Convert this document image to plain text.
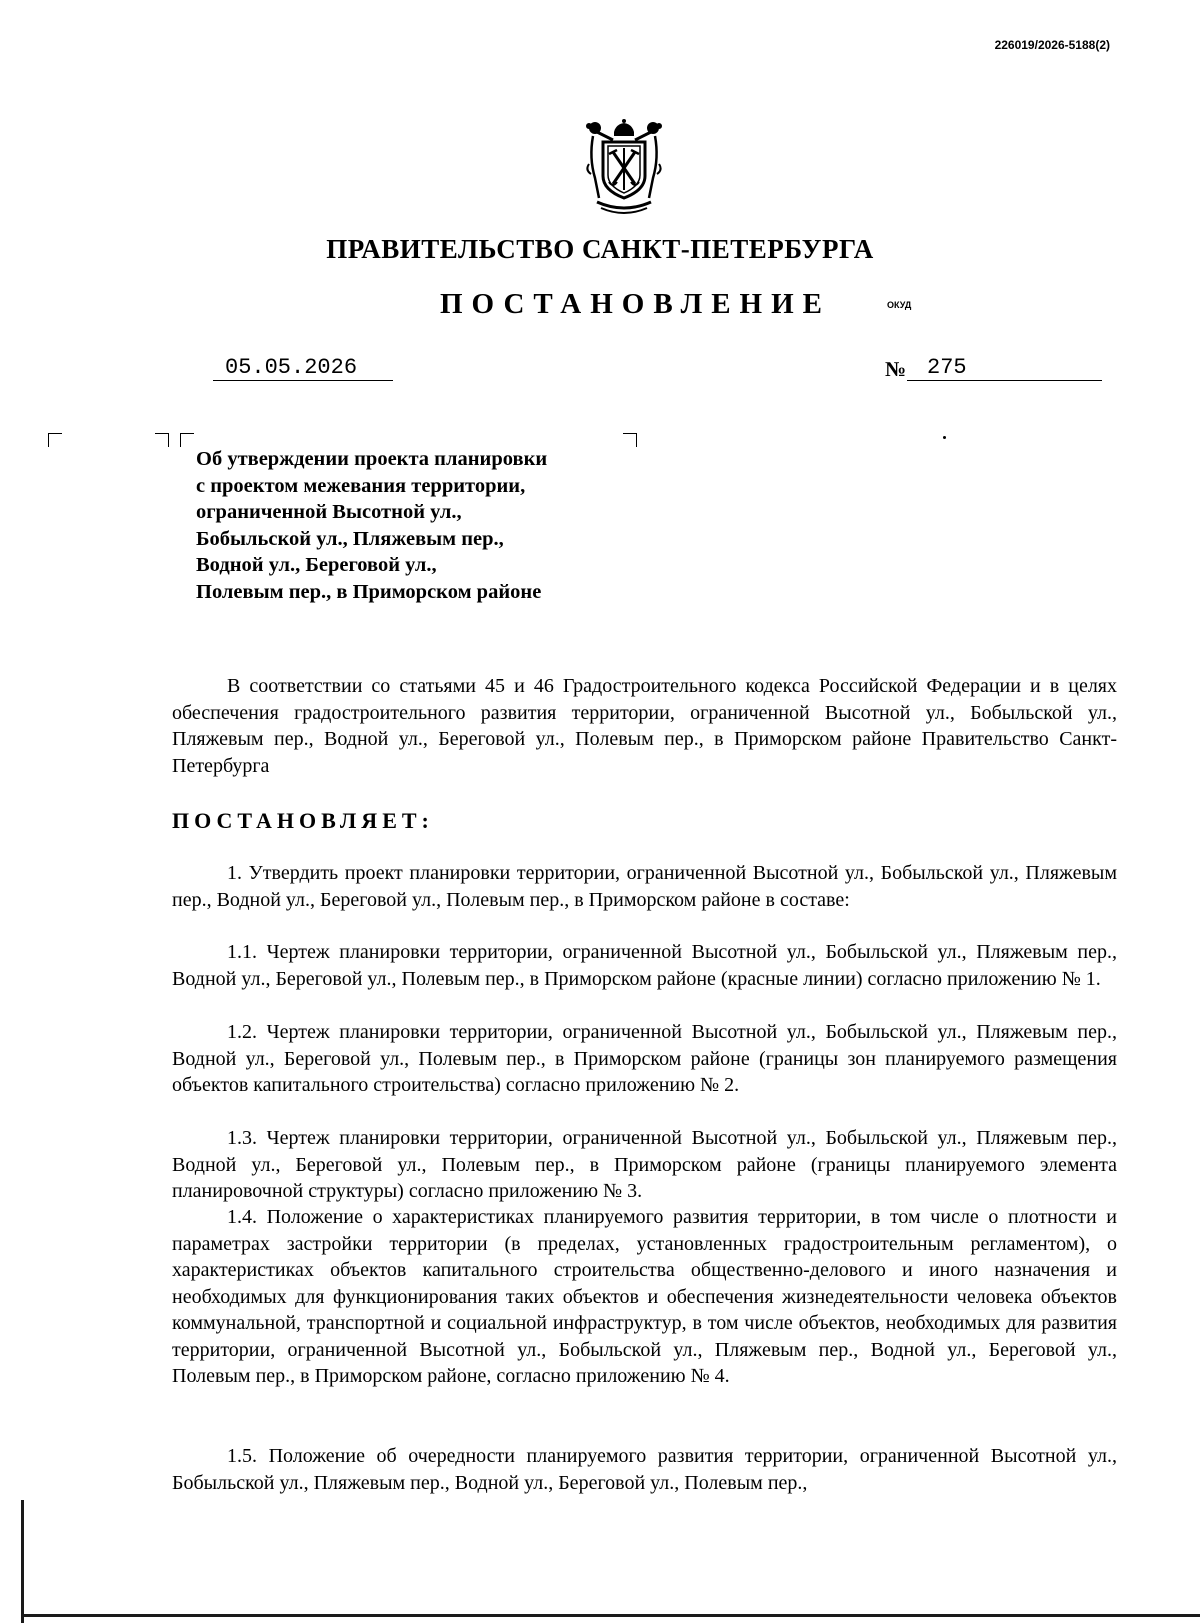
226019/2026-5188(2)
ПРАВИТЕЛЬСТВО САНКТ-ПЕТЕРБУРГА
ПОСТАНОВЛЕНИЕ	ОКУД
05.05.2026	№ 275
Об утверждении проекта планировки
с проектом межевания территории,
ограниченной Высотной ул.,
Бобыльской ул., Пляжевым пер.,
Водной ул., Береговой ул.,
Полевым пер., в Приморском районе
В соответствии со статьями 45 и 46 Градостроительного кодекса Российской Федерации и в целях обеспечения градостроительного развития территории, ограниченной Высотной ул., Бобыльской ул., Пляжевым пер., Водной ул., Береговой ул., Полевым пер., в Приморском районе Правительство Санкт-Петербурга
ПОСТАНОВЛЯЕТ:
1. Утвердить проект планировки территории, ограниченной Высотной ул., Бобыльской ул., Пляжевым пер., Водной ул., Береговой ул., Полевым пер., в Приморском районе в составе:
1.1. Чертеж планировки территории, ограниченной Высотной ул., Бобыльской ул., Пляжевым пер., Водной ул., Береговой ул., Полевым пер., в Приморском районе (красные линии) согласно приложению № 1.
1.2. Чертеж планировки территории, ограниченной Высотной ул., Бобыльской ул., Пляжевым пер., Водной ул., Береговой ул., Полевым пер., в Приморском районе (границы зон планируемого размещения объектов капитального строительства) согласно приложению № 2.
1.3. Чертеж планировки территории, ограниченной Высотной ул., Бобыльской ул., Пляжевым пер., Водной ул., Береговой ул., Полевым пер., в Приморском районе (границы планируемого элемента планировочной структуры) согласно приложению № 3.
1.4. Положение о характеристиках планируемого развития территории, в том числе о плотности и параметрах застройки территории (в пределах, установленных градостроительным регламентом), о характеристиках объектов капитального строительства общественно-делового и иного назначения и необходимых для функционирования таких объектов и обеспечения жизнедеятельности человека объектов коммунальной, транспортной и социальной инфраструктур, в том числе объектов, необходимых для развития территории, ограниченной Высотной ул., Бобыльской ул., Пляжевым пер., Водной ул., Береговой ул., Полевым пер., в Приморском районе, согласно приложению № 4.
1.5. Положение об очередности планируемого развития территории, ограниченной Высотной ул., Бобыльской ул., Пляжевым пер., Водной ул., Береговой ул., Полевым пер.,
